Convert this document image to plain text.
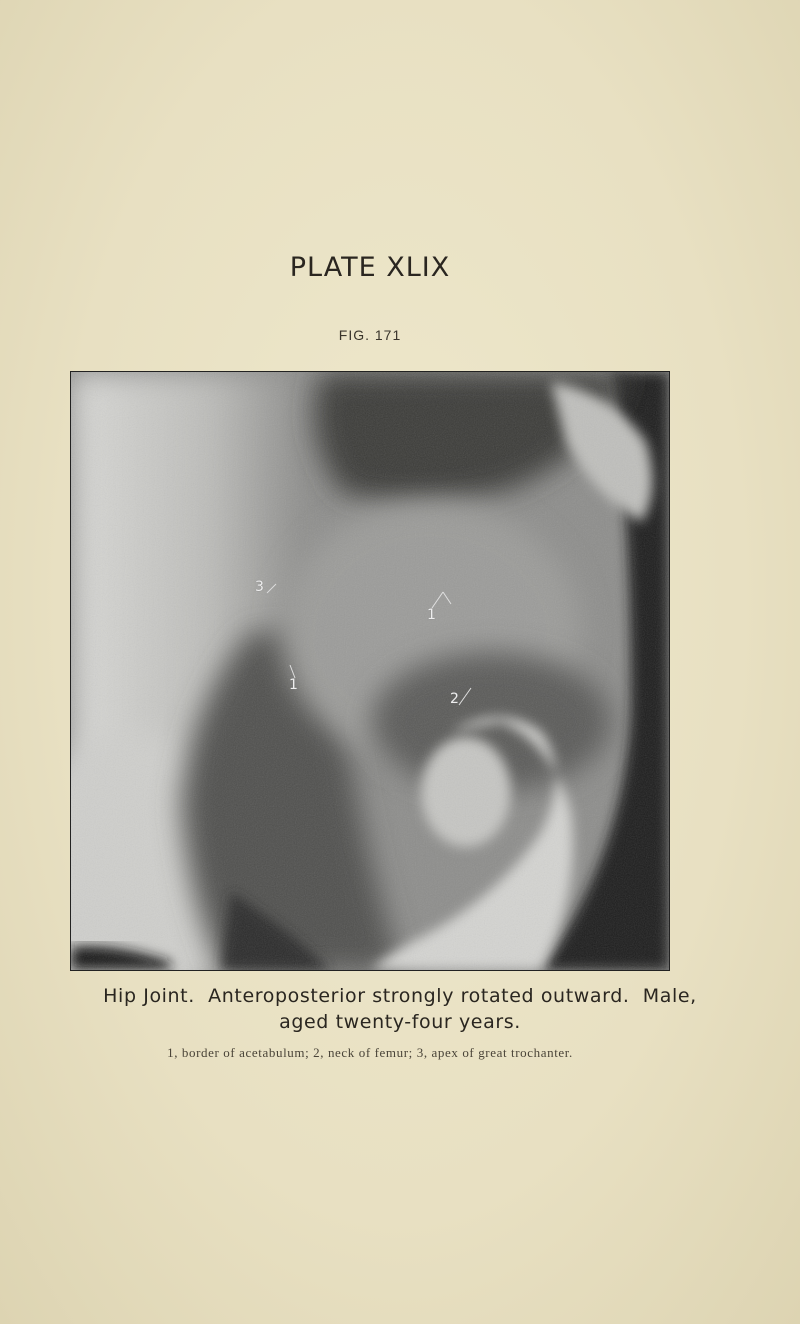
PLATE XLIX
FIG. 171
3
1
1
2
Hip Joint.  Anteroposterior strongly rotated outward.  Male,
aged twenty-four years.
1, border of acetabulum; 2, neck of femur; 3, apex of great trochanter.
